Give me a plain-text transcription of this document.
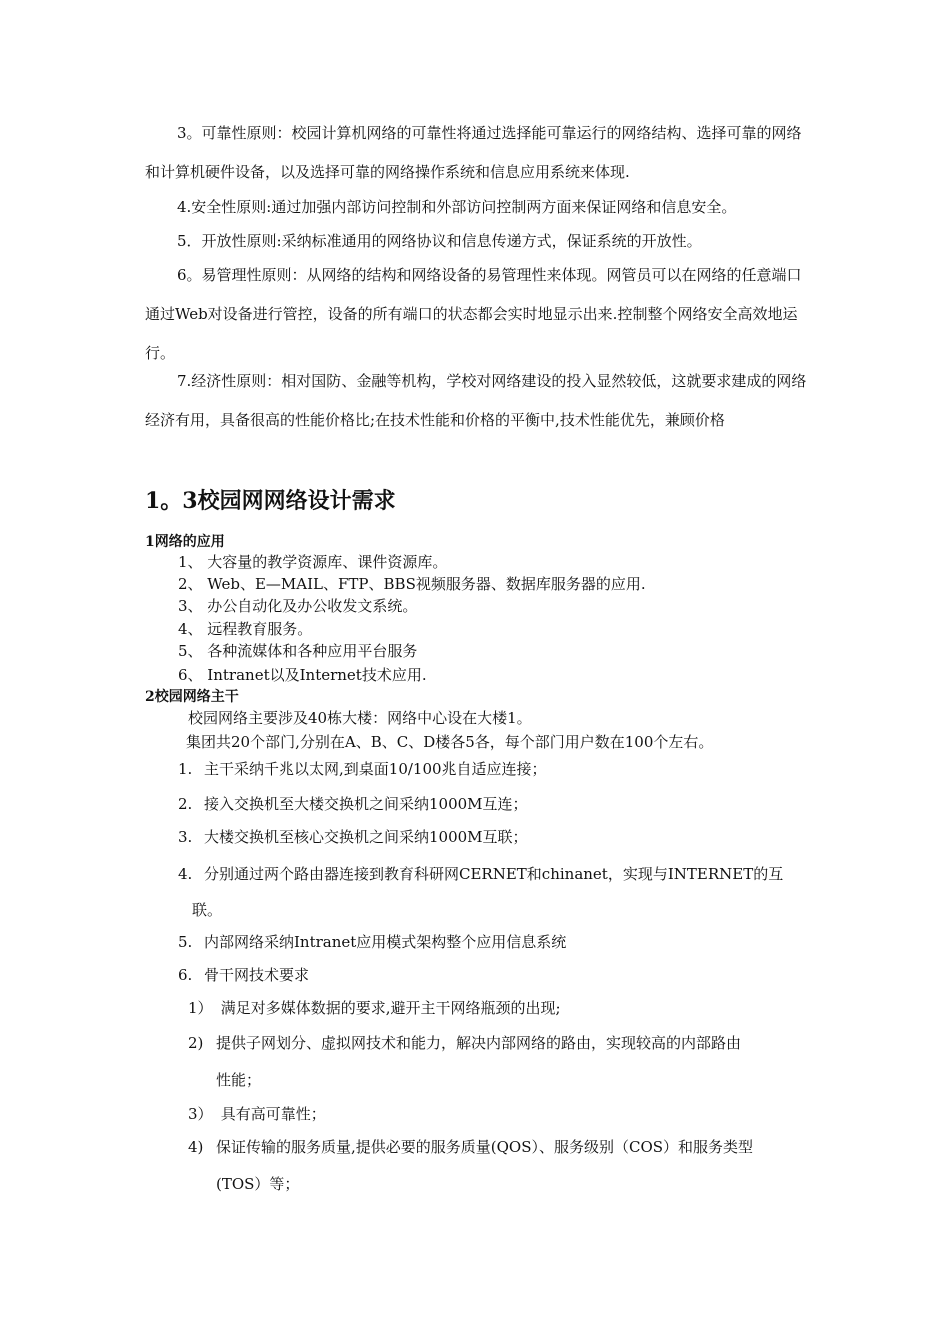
3。可靠性原则：校园计算机网络的可靠性将通过选择能可靠运行的网络结构、选择可靠的网络和计算机硬件设备，以及选择可靠的网络操作系统和信息应用系统来体现.

4.安全性原则:通过加强内部访问控制和外部访问控制两方面来保证网络和信息安全。

5．开放性原则:采纳标准通用的网络协议和信息传递方式，保证系统的开放性。

6。易管理性原则：从网络的结构和网络设备的易管理性来体现。网管员可以在网络的任意端口通过Web对设备进行管控，设备的所有端口的状态都会实时地显示出来.控制整个网络安全高效地运行。

7.经济性原则：相对国防、金融等机构，学校对网络建设的投入显然较低，这就要求建成的网络经济有用，具备很高的性能价格比;在技术性能和价格的平衡中,技术性能优先，兼顾价格

1。3校园网网络设计需求
1网络的应用

1、 大容量的教学资源库、课件资源库。

2、 Web、E—MAIL、FTP、BBS视频服务器、数据库服务器的应用.

3、 办公自动化及办公收发文系统。

4、 远程教育服务。

5、 各种流媒体和各种应用平台服务

6、 Intranet以及Internet技术应用.

2校园网络主干

校园网络主要涉及40栋大楼：网络中心设在大楼1。

集团共20个部门,分别在A、B、C、D楼各5各，每个部门用户数在100个左右。

1. 主干采纳千兆以太网,到桌面10/100兆自适应连接；

2. 接入交换机至大楼交换机之间采纳1000M互连；

3. 大楼交换机至核心交换机之间采纳1000M互联；

4. 分别通过两个路由器连接到教育科研网CERNET和chinanet，实现与INTERNET的互
联。

5. 内部网络采纳Intranet应用模式架构整个应用信息系统

6. 骨干网技术要求

1） 满足对多媒体数据的要求,避开主干网络瓶颈的出现;

2) 提供子网划分、虚拟网技术和能力，解决内部网络的路由，实现较高的内部路由
性能；

3） 具有高可靠性；

4) 保证传输的服务质量,提供必要的服务质量(QOS）、服务级别（COS）和服务类型
(TOS）等；
